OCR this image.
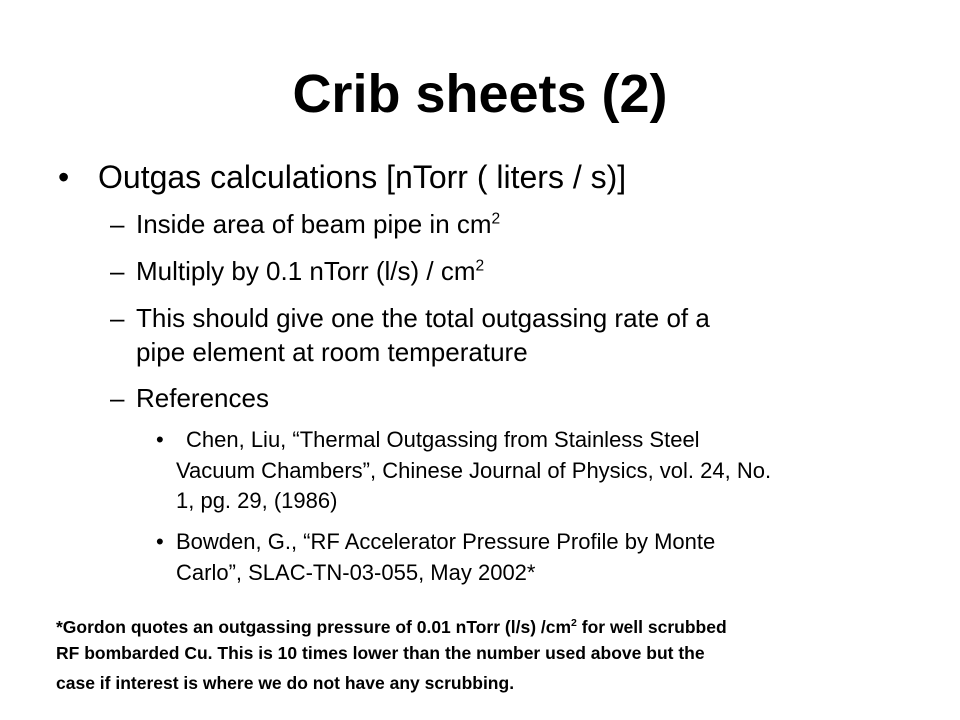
Crib sheets (2)
• Outgas calculations [nTorr ( liters / s)]
– Inside area of beam pipe in $cm^2$
– Multiply by 0.1 nTorr $(l/s) / cm^2$
– This should give one the total outgassing rate of a
pipe element at room temperature
– References
• Chen, Liu, “Thermal Outgassing from Stainless Steel
Vacuum Chambers”, Chinese Journal of Physics, vol. 24, No.
1, pg. 29, (1986)
• Bowden, G., “RF Accelerator Pressure Profile by Monte
Carlo”, SLAC-TN-03-055, May 2002*
*Gordon quotes an outgassing pressure of 0.01 nTorr (l/s) $/cm^2$ for well scrubbed
RF bombarded Cu. This is 10 times lower than the number used above but the
case if interest is where we do not have any scrubbing.
